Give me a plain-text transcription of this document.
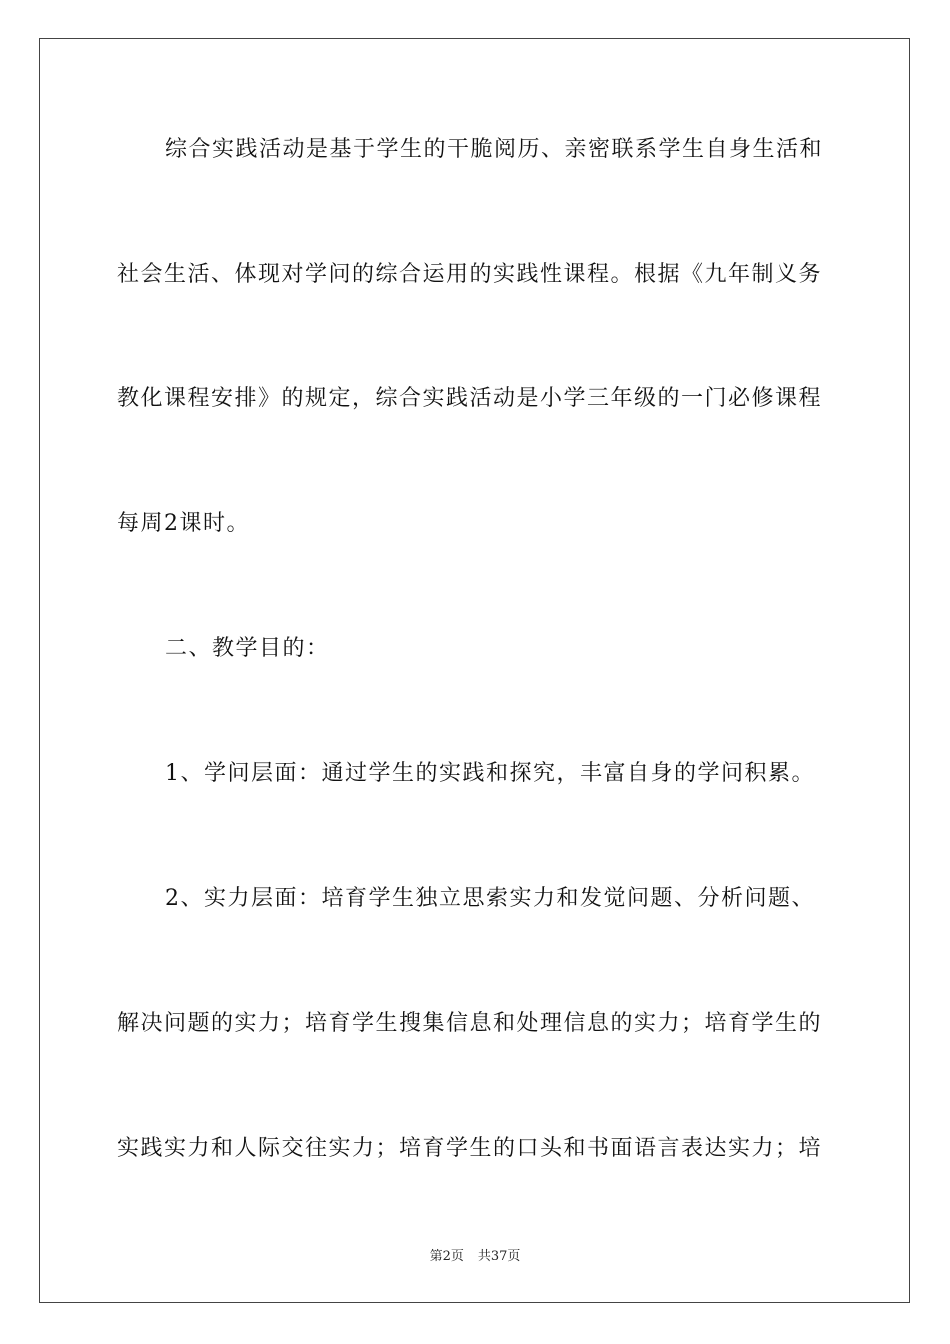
综合实践活动是基于学生的干脆阅历、亲密联系学生自身生活和
社会生活、体现对学问的综合运用的实践性课程。根据《九年制义务
教化课程安排》的规定，综合实践活动是小学三年级的一门必修课程
每周2课时。
二、教学目的：
1、学问层面：通过学生的实践和探究，丰富自身的学问积累。
2、实力层面：培育学生独立思索实力和发觉问题、分析问题、
解决问题的实力；培育学生搜集信息和处理信息的实力；培育学生的
实践实力和人际交往实力；培育学生的口头和书面语言表达实力；培
第2页 共37页
